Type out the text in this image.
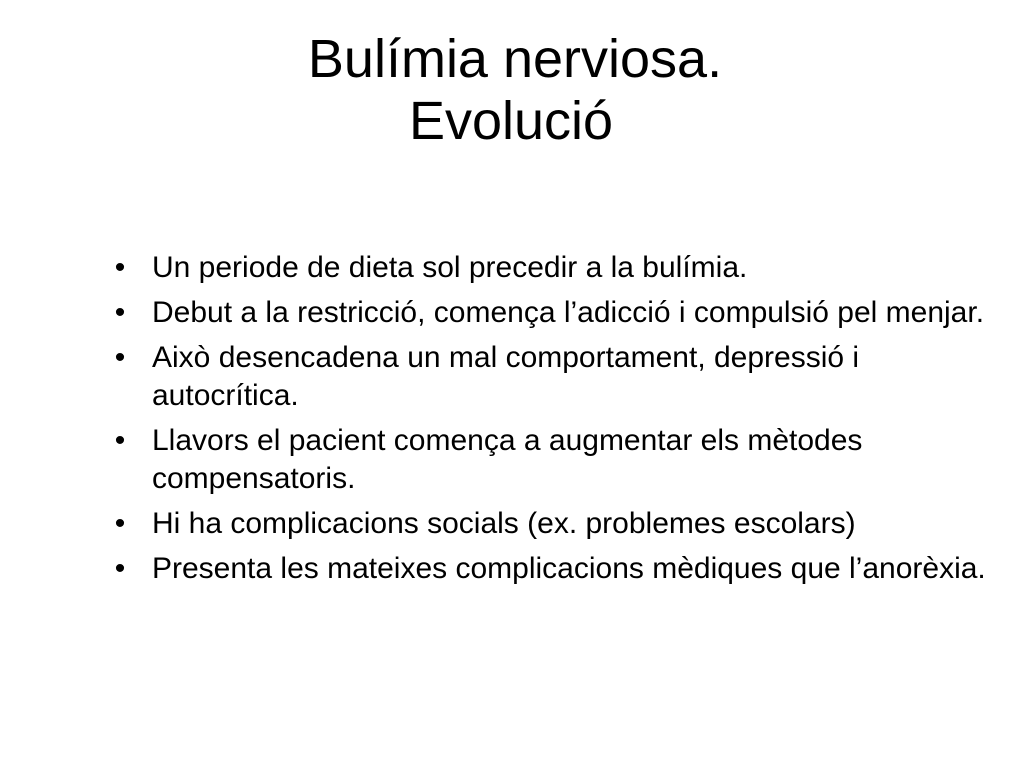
Bulímia nerviosa.
Evolució
• Un periode de dieta sol precedir a la bulímia.
• Debut a la restricció, comença l’adicció i compulsió pel menjar.
• Això desencadena un mal comportament, depressió i autocrítica.
• Llavors el pacient comença a augmentar els mètodes compensatoris.
• Hi ha complicacions socials (ex. problemes escolars)
• Presenta les mateixes complicacions mèdiques que l’anorèxia.
